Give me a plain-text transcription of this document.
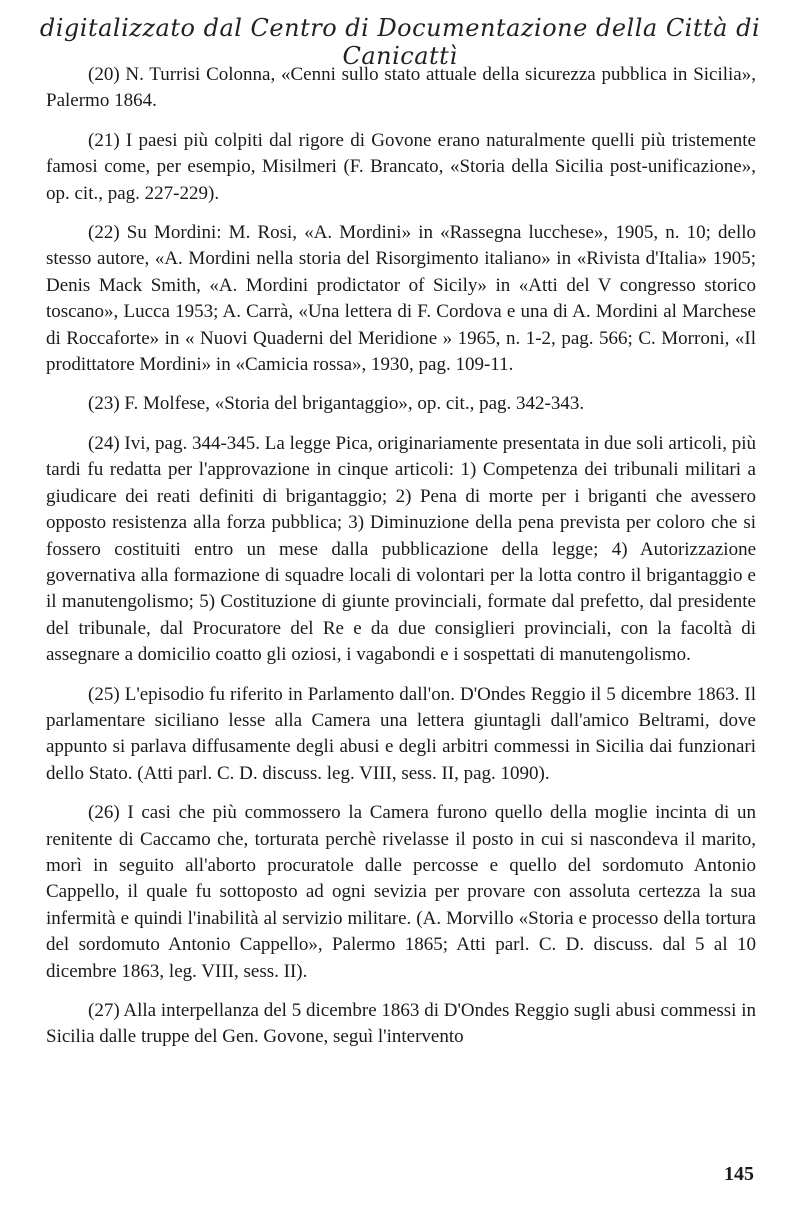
digitalizzato dal Centro di Documentazione della Città di Canicattì

(20) N. Turrisi Colonna, «Cenni sullo stato attuale della sicurezza pubblica in Sicilia», Palermo 1864.

(21) I paesi più colpiti dal rigore di Govone erano naturalmente quelli più tristemente famosi come, per esempio, Misilmeri (F. Brancato, «Storia della Sicilia post-unificazione», op. cit., pag. 227-229).

(22) Su Mordini: M. Rosi, «A. Mordini» in «Rassegna lucchese», 1905, n. 10; dello stesso autore, «A. Mordini nella storia del Risorgimento italiano» in «Rivista d'Italia» 1905; Denis Mack Smith, «A. Mordini prodictator of Sicily» in «Atti del V congresso storico toscano», Lucca 1953; A. Carrà, «Una lettera di F. Cordova e una di A. Mordini al Marchese di Roccaforte» in « Nuovi Quaderni del Meridione » 1965, n. 1-2, pag. 566; C. Morroni, «Il prodittatore Mordini» in «Camicia rossa», 1930, pag. 109-11.

(23) F. Molfese, «Storia del brigantaggio», op. cit., pag. 342-343.

(24) Ivi, pag. 344-345. La legge Pica, originariamente presentata in due soli articoli, più tardi fu redatta per l'approvazione in cinque articoli: 1) Competenza dei tribunali militari a giudicare dei reati definiti di brigantaggio; 2) Pena di morte per i briganti che avessero opposto resistenza alla forza pubblica; 3) Diminuzione della pena prevista per coloro che si fossero costituiti entro un mese dalla pubblicazione della legge; 4) Autorizzazione governativa alla formazione di squadre locali di volontari per la lotta contro il brigantaggio e il manutengolismo; 5) Costituzione di giunte provinciali, formate dal prefetto, dal presidente del tribunale, dal Procuratore del Re e da due consiglieri provinciali, con la facoltà di assegnare a domicilio coatto gli oziosi, i vagabondi e i sospettati di manutengolismo.

(25) L'episodio fu riferito in Parlamento dall'on. D'Ondes Reggio il 5 dicembre 1863. Il parlamentare siciliano lesse alla Camera una lettera giuntagli dall'amico Beltrami, dove appunto si parlava diffusamente degli abusi e degli arbitri commessi in Sicilia dai funzionari dello Stato. (Atti parl. C. D. discuss. leg. VIII, sess. II, pag. 1090).

(26) I casi che più commossero la Camera furono quello della moglie incinta di un renitente di Caccamo che, torturata perchè rivelasse il posto in cui si nascondeva il marito, morì in seguito all'aborto procuratole dalle percosse e quello del sordomuto Antonio Cappello, il quale fu sottoposto ad ogni sevizia per provare con assoluta certezza la sua infermità e quindi l'inabilità al servizio militare. (A. Morvillo «Storia e processo della tortura del sordomuto Antonio Cappello», Palermo 1865; Atti parl. C. D. discuss. dal 5 al 10 dicembre 1863, leg. VIII, sess. II).

(27) Alla interpellanza del 5 dicembre 1863 di D'Ondes Reggio sugli abusi commessi in Sicilia dalle truppe del Gen. Govone, seguì l'intervento

145
